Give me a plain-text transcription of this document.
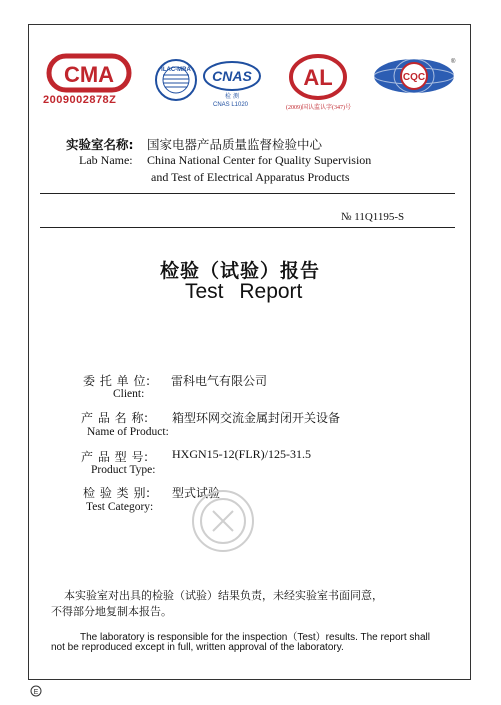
CMA
2009002878Z
ILAC-MRA CNAS
检 测
CNAS L1020
AL
(2009)国认监认字(347)号
CQC
®
实验室名称: 国家电器产品质量监督检验中心
Lab Name: China National Center for Quality Supervision
and Test of Electrical Apparatus Products
№ 11Q1195-S
检验（试验）报告
Test Report
委 托 单 位: 雷科电气有限公司
Client:
产 品 名 称: 箱型环网交流金属封闭开关设备
Name of Product:
产 品 型 号: HXGN15-12(FLR)/125-31.5
Product Type:
检 验 类 别: 型式试验
Test Category:
本实验室对出具的检验（试验）结果负责，未经实验室书面同意，
不得部分地复制本报告。
The laboratory is responsible for the inspection（Test）results. The report shall
not be reproduced except in full, written approval of the laboratory.
E
